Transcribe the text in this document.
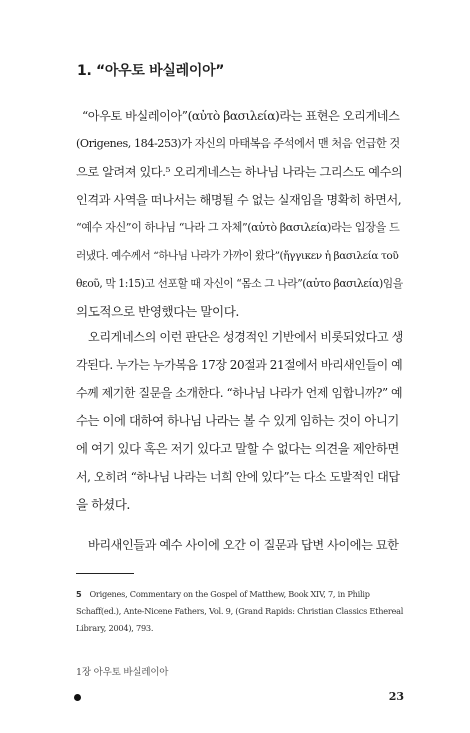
1. “아우토 바실레이아”

“아우토 바실레이아”(αὐτὸ βασιλεία)라는 표현은 오리게네스
(Origenes, 184-253)가 자신의 마태복음 주석에서 맨 처음 언급한 것
으로 알려져 있다.⁵ 오리게네스는 하나님 나라는 그리스도 예수의
인격과 사역을 떠나서는 해명될 수 없는 실재임을 명확히 하면서,
“예수 자신”이 하나님 “나라 그 자체”(αὐτὸ βασιλεία)라는 입장을 드
러냈다. 예수께서 “하나님 나라가 가까이 왔다”(ἤγγικεν ἡ βασιλεία τοῦ
θεοῦ, 막 1:15)고 선포할 때 자신이 “몸소 그 나라”(αὐτο βασιλεία)임을
의도적으로 반영했다는 말이다.

오리게네스의 이런 판단은 성경적인 기반에서 비롯되었다고 생
각된다. 누가는 누가복음 17장 20절과 21절에서 바리새인들이 예
수께 제기한 질문을 소개한다. “하나님 나라가 언제 임합니까?” 예
수는 이에 대하여 하나님 나라는 볼 수 있게 임하는 것이 아니기
에 여기 있다 혹은 저기 있다고 말할 수 없다는 의견을 제안하면
서, 오히려 “하나님 나라는 너희 안에 있다”는 다소 도발적인 대답
을 하셨다.

바리새인들과 예수 사이에 오간 이 질문과 답변 사이에는 묘한

5 Origenes, Commentary on the Gospel of Matthew, Book XIV, 7, in Philip
Schaff(ed.), Ante-Nicene Fathers, Vol. 9, (Grand Rapids: Christian Classics Ethereal
Library, 2004), 793.

1장 아우토 바실레이아

23
